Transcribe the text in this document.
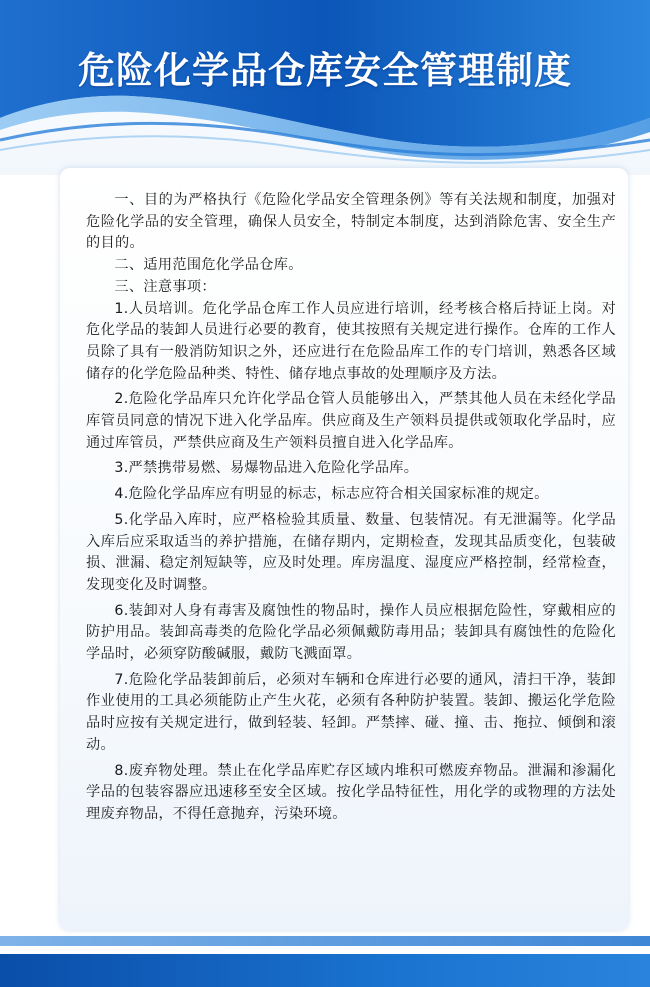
危险化学品仓库安全管理制度

一、目的为严格执行《危险化学品安全管理条例》等有关法规和制度，加强对危险化学品的安全管理，确保人员安全，特制定本制度，达到消除危害、安全生产的目的。

二、适用范围危化学品仓库。

三、注意事项：

1.人员培训。危化学品仓库工作人员应进行培训，经考核合格后持证上岗。对危化学品的装卸人员进行必要的教育，使其按照有关规定进行操作。仓库的工作人员除了具有一般消防知识之外，还应进行在危险品库工作的专门培训，熟悉各区域储存的化学危险品种类、特性、储存地点事故的处理顺序及方法。

2.危险化学品库只允许化学品仓管人员能够出入，严禁其他人员在未经化学品库管员同意的情况下进入化学品库。供应商及生产领料员提供或领取化学品时，应通过库管员，严禁供应商及生产领料员擅自进入化学品库。

3.严禁携带易燃、易爆物品进入危险化学品库。

4.危险化学品库应有明显的标志，标志应符合相关国家标准的规定。

5.化学品入库时，应严格检验其质量、数量、包装情况。有无泄漏等。化学品入库后应采取适当的养护措施，在储存期内，定期检查，发现其品质变化，包装破损、泄漏、稳定剂短缺等，应及时处理。库房温度、湿度应严格控制，经常检查，发现变化及时调整。

6.装卸对人身有毒害及腐蚀性的物品时，操作人员应根据危险性，穿戴相应的防护用品。装卸高毒类的危险化学品必须佩戴防毒用品；装卸具有腐蚀性的危险化学品时，必须穿防酸碱服，戴防飞溅面罩。

7.危险化学品装卸前后，必须对车辆和仓库进行必要的通风，清扫干净，装卸作业使用的工具必须能防止产生火花，必须有各种防护装置。装卸、搬运化学危险品时应按有关规定进行，做到轻装、轻卸。严禁摔、碰、撞、击、拖拉、倾倒和滚动。

8.废弃物处理。禁止在化学品库贮存区域内堆积可燃废弃物品。泄漏和渗漏化学品的包装容器应迅速移至安全区域。按化学品特征性，用化学的或物理的方法处理废弃物品，不得任意抛弃，污染环境。
